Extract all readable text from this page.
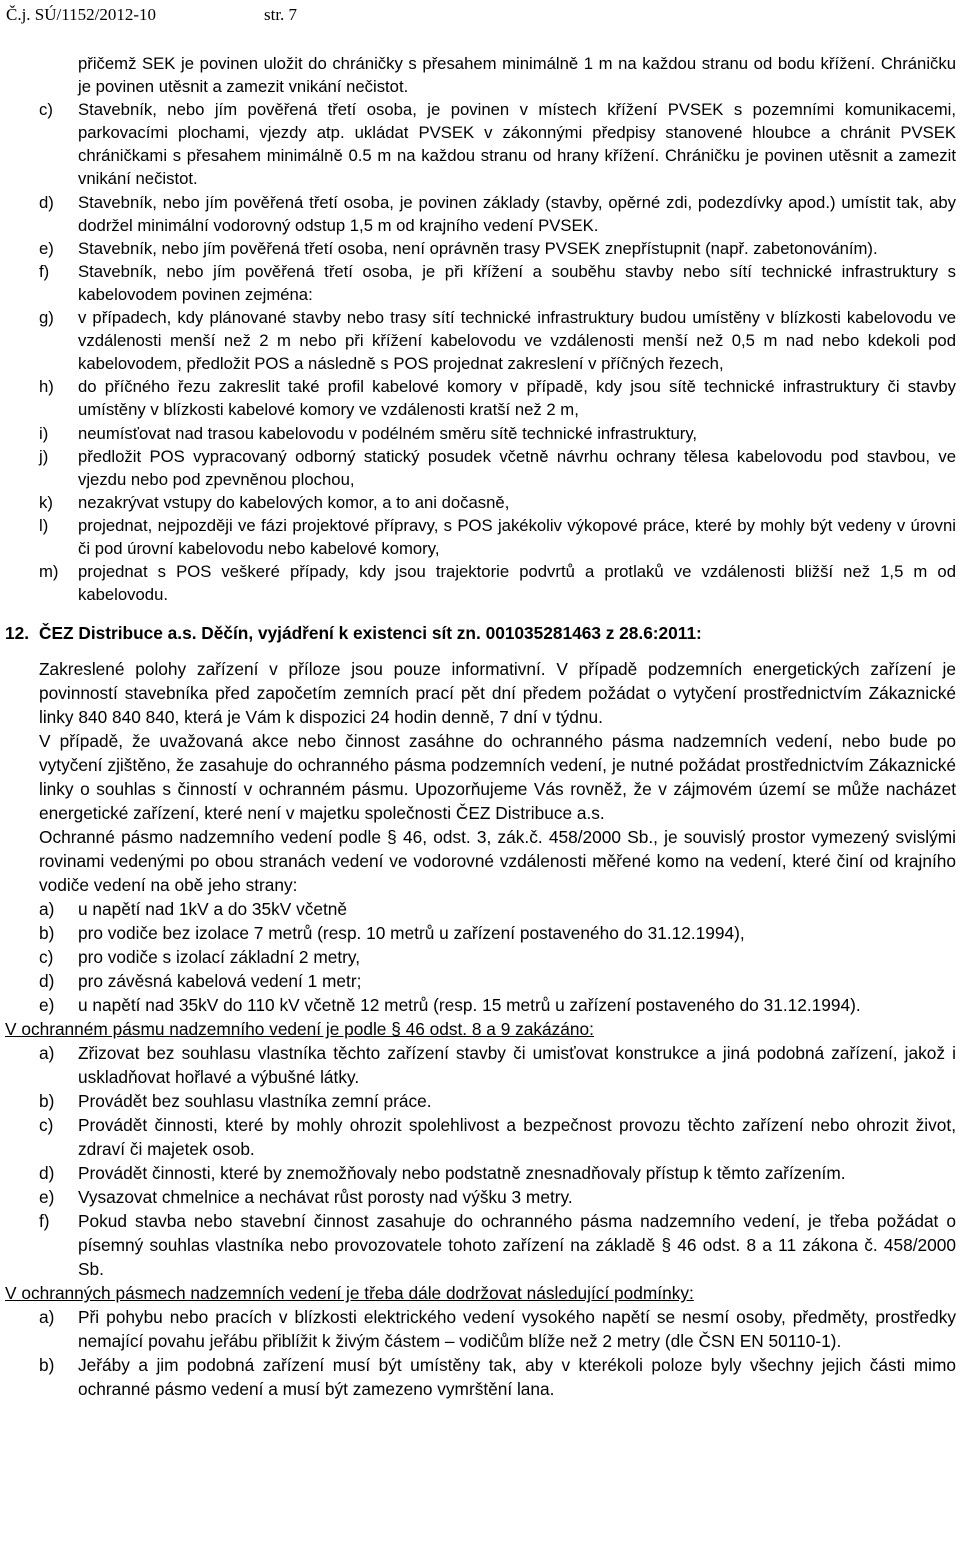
Č.j. SÚ/1152/2012-10	str. 7
přičemž SEK je povinen uložit do chráničky s přesahem minimálně 1 m na každou stranu od bodu křížení. Chráničku je povinen utěsnit a zamezit vnikání nečistot.
c) Stavebník, nebo jím pověřená třetí osoba, je povinen v místech křížení PVSEK s pozemními komunikacemi, parkovacími plochami, vjezdy atp. ukládat PVSEK v zákonnými předpisy stanovené hloubce a chránit PVSEK chráničkami s přesahem minimálně 0.5 m na každou stranu od hrany křížení. Chráničku je povinen utěsnit a zamezit vnikání nečistot.
d) Stavebník, nebo jím pověřená třetí osoba, je povinen základy (stavby, opěrné zdi, podezdívky apod.) umístit tak, aby dodržel minimální vodorovný odstup 1,5 m od krajního vedení PVSEK.
e) Stavebník, nebo jím pověřená třetí osoba, není oprávněn trasy PVSEK znepřístupnit (např. zabetonováním).
f) Stavebník, nebo jím pověřená třetí osoba, je při křížení a souběhu stavby nebo sítí technické infrastruktury s kabelovodem povinen zejména:
g) v případech, kdy plánované stavby nebo trasy sítí technické infrastruktury budou umístěny v blízkosti kabelovodu ve vzdálenosti menší než 2 m nebo při křížení kabelovodu ve vzdálenosti menší než 0,5 m nad nebo kdekoli pod kabelovodem, předložit POS a následně s POS projednat zakreslení v příčných řezech,
h) do příčného řezu zakreslit také profil kabelové komory v případě, kdy jsou sítě technické infrastruktury či stavby umístěny v blízkosti kabelové komory ve vzdálenosti kratší než 2 m,
i) neumísťovat nad trasou kabelovodu v podélném směru sítě technické infrastruktury,
j) předložit POS vypracovaný odborný statický posudek včetně návrhu ochrany tělesa kabelovodu pod stavbou, ve vjezdu nebo pod zpevněnou plochou,
k) nezakrývat vstupy do kabelových komor, a to ani dočasně,
l) projednat, nejpozději ve fázi projektové přípravy, s POS jakékoliv výkopové práce, které by mohly být vedeny v úrovni či pod úrovní kabelovodu nebo kabelové komory,
m) projednat s POS veškeré případy, kdy jsou trajektorie podvrtů a protlaků ve vzdálenosti bližší než 1,5 m od kabelovodu.
12. ČEZ Distribuce a.s. Děčín, vyjádření k existenci sít zn. 001035281463 z 28.6:2011:
Zakreslené polohy zařízení v příloze jsou pouze informativní. V případě podzemních energetických zařízení je povinností stavebníka před započetím zemních prací pět dní předem požádat o vytyčení prostřednictvím Zákaznické linky 840 840 840, která je Vám k dispozici 24 hodin denně, 7 dní v týdnu.
V případě, že uvažovaná akce nebo činnost zasáhne do ochranného pásma nadzemních vedení, nebo bude po vytyčení zjištěno, že zasahuje do ochranného pásma podzemních vedení, je nutné požádat prostřednictvím Zákaznické linky o souhlas s činností v ochranném pásmu. Upozorňujeme Vás rovněž, že v zájmovém území se může nacházet energetické zařízení, které není v majetku společnosti ČEZ Distribuce a.s.
Ochranné pásmo nadzemního vedení podle § 46, odst. 3, zák.č. 458/2000 Sb., je souvislý prostor vymezený svislými rovinami vedenými po obou stranách vedení ve vodorovné vzdálenosti měřené komo na vedení, které činí od krajního vodiče vedení na obě jeho strany:
a) u napětí nad 1kV a do 35kV včetně
b) pro vodiče bez izolace 7 metrů (resp. 10 metrů u zařízení postaveného do 31.12.1994),
c) pro vodiče s izolací základní 2 metry,
d) pro závěsná kabelová vedení 1 metr;
e) u napětí nad 35kV do 110 kV včetně 12 metrů (resp. 15 metrů u zařízení postaveného do 31.12.1994).
V ochranném pásmu nadzemního vedení je podle § 46 odst. 8 a 9 zakázáno:
a) Zřizovat bez souhlasu vlastníka těchto zařízení stavby či umisťovat konstrukce a jiná podobná zařízení, jakož i uskladňovat hořlavé a výbušné látky.
b) Provádět bez souhlasu vlastníka zemní práce.
c) Provádět činnosti, které by mohly ohrozit spolehlivost a bezpečnost provozu těchto zařízení nebo ohrozit život, zdraví či majetek osob.
d) Provádět činnosti, které by znemožňovaly nebo podstatně znesnadňovaly přístup k těmto zařízením.
e) Vysazovat chmelnice a nechávat růst porosty nad výšku 3 metry.
f) Pokud stavba nebo stavební činnost zasahuje do ochranného pásma nadzemního vedení, je třeba požádat o písemný souhlas vlastníka nebo provozovatele tohoto zařízení na základě § 46 odst. 8 a 11 zákona č. 458/2000 Sb.
V ochranných pásmech nadzemních vedení je třeba dále dodržovat následující podmínky:
a) Při pohybu nebo pracích v blízkosti elektrického vedení vysokého napětí se nesmí osoby, předměty, prostředky nemající povahu jeřábu přiblížit k živým částem – vodičům blíže než 2 metry (dle ČSN EN 50110-1).
b) Jeřáby a jim podobná zařízení musí být umístěny tak, aby v kterékoli poloze byly všechny jejich části mimo ochranné pásmo vedení a musí být zamezeno vymrštění lana.
